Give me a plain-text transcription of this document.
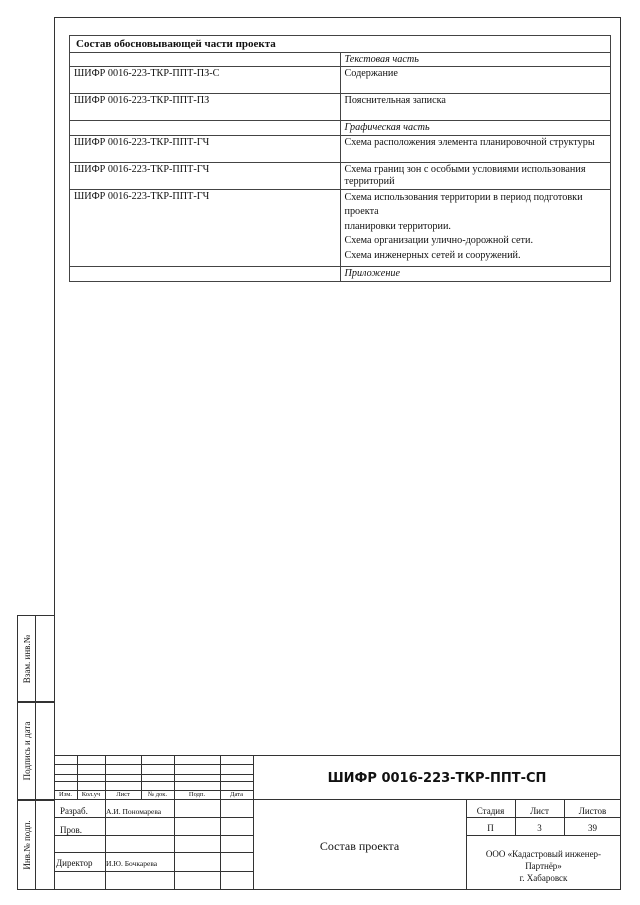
Состав обосновывающей части проекта	
	Текстовая часть
ШИФР 0016-223-ТКР-ППТ-ПЗ-С	Содержание
ШИФР 0016-223-ТКР-ППТ-ПЗ	Пояснительная записка
	Графическая часть
ШИФР 0016-223-ТКР-ППТ-ГЧ	Схема расположения элемента планировочной структуры
ШИФР 0016-223-ТКР-ППТ-ГЧ	Схема границ зон с особыми условиями использования территорий
ШИФР 0016-223-ТКР-ППТ-ГЧ	Схема использования территории в период подготовки проекта
планировки территории.
Схема организации улично-дорожной сети.
Схема инженерных сетей и сооружений.

	Приложение
Взам. инв.№
Подпись и дата
Инв.№ подп.
Изм.	Кол.уч	Лист	№ док.	Подп.	Дата
ШИФР 0016-223-ТКР-ППТ-СП
Разраб. А.И. Пономарева
Пров.
Директор И.Ю. Бочкарева
Состав проекта
Стадия	Лист	Листов
П	3	39
ООО «Кадастровый инженер-
Партнёр»
г. Хабаровск
